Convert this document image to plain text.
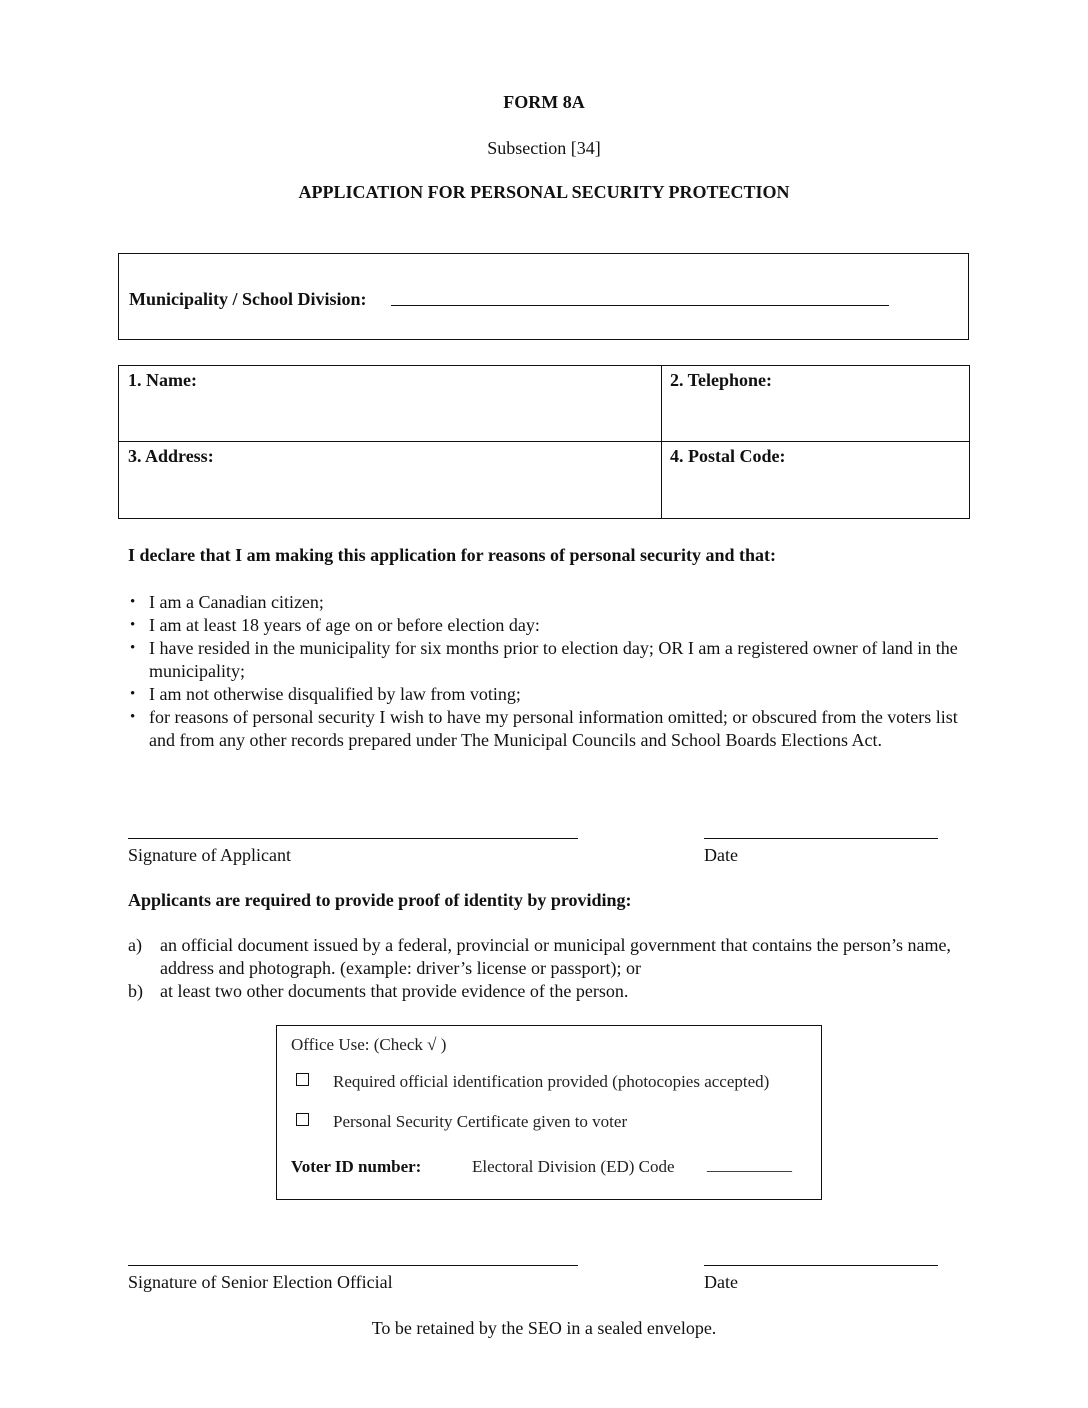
FORM 8A
Subsection [34]
APPLICATION FOR PERSONAL SECURITY PROTECTION
Municipality / School Division:
1. Name:	2. Telephone:
3. Address:	4. Postal Code:
I declare that I am making this application for reasons of personal security and that:
• I am a Canadian citizen;
• I am at least 18 years of age on or before election day:
• I have resided in the municipality for six months prior to election day; OR I am a registered owner of land in the municipality;
• I am not otherwise disqualified by law from voting;
• for reasons of personal security I wish to have my personal information omitted; or obscured from the voters list and from any other records prepared under The Municipal Councils and School Boards Elections Act.
Signature of Applicant	Date
Applicants are required to provide proof of identity by providing:
a) an official document issued by a federal, provincial or municipal government that contains the person’s name, address and photograph. (example: driver’s license or passport); or
b) at least two other documents that provide evidence of the person.
Office Use: (Check √ )
Required official identification provided (photocopies accepted)
Personal Security Certificate given to voter
Voter ID number:	Electoral Division (ED) Code __________
Signature of Senior Election Official	Date
To be retained by the SEO in a sealed envelope.
